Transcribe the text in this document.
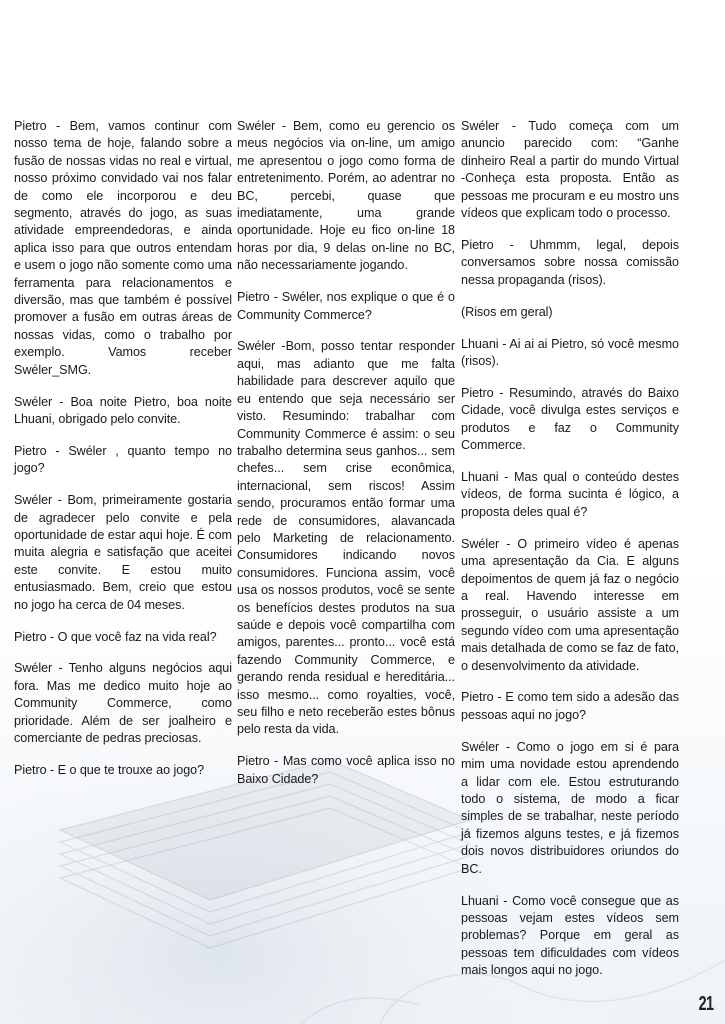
Pietro - Bem, vamos continur com nosso tema de hoje, falando sobre a fusão de nossas vidas no real e virtual, nosso próximo convidado vai nos falar de como ele incorporou e deu segmento, através do jogo, as suas atividade empreendedoras, e ainda aplica isso para que outros entendam e usem o jogo não somente como uma ferramenta para relacionamentos e diversão, mas que também é possível promover a fusão em outras áreas de nossas vidas, como o trabalho por exemplo. Vamos receber Swéler_SMG.

Swéler - Boa noite Pietro, boa noite Lhuani, obrigado pelo convite.

Pietro - Swéler , quanto tempo no jogo?

Swéler - Bom, primeiramente gostaria de agradecer pelo convite e pela oportunidade de estar aqui hoje. É com muita alegria e satisfação que aceitei este convite. E estou muito entusiasmado. Bem, creio que estou no jogo ha cerca de 04 meses.

Pietro - O que você faz na vida real?

Swéler - Tenho alguns negócios aqui fora. Mas me dedico muito hoje ao Community Commerce, como prioridade. Além de ser joalheiro e comerciante de pedras preciosas.

Pietro - E o que te trouxe ao jogo?

Swéler - Bem, como eu gerencio os meus negócios via on-line, um amigo me apresentou o jogo como forma de entretenimento. Porém, ao adentrar no BC, percebi, quase que imediatamente, uma grande oportunidade. Hoje eu fico on-line 18 horas por dia, 9 delas on-line no BC, não necessariamente jogando.

Pietro - Swéler, nos explique o que é o Community Commerce?

Swéler -Bom, posso tentar responder aqui, mas adianto que me falta habilidade para descrever aquilo que eu entendo que seja necessário ser visto. Resumindo: trabalhar com Community Commerce é assim: o seu trabalho determina seus ganhos... sem chefes... sem crise econômica, internacional, sem riscos! Assim sendo, procuramos então formar uma rede de consumidores, alavancada pelo Marketing de relacionamento. Consumidores indicando novos consumidores. Funciona assim, você usa os nossos produtos, você se sente os benefícios destes produtos na sua saúde e depois você compartilha com amigos, parentes... pronto... você está fazendo Community Commerce, e gerando renda residual e hereditária... isso mesmo... como royalties, você, seu filho e neto receberão estes bônus pelo resta da vida.

Pietro - Mas como você aplica isso no Baixo Cidade?

Swéler - Tudo começa com um anuncio parecido com: “Ganhe dinheiro Real a partir do mundo Virtual -Conheça esta proposta. Então as pessoas me procuram e eu mostro uns vídeos que explicam todo o processo.

Pietro - Uhmmm, legal, depois conversamos sobre nossa comissão nessa propaganda (risos).

(Risos em geral)

Lhuani - Ai ai ai Pietro, só você mesmo (risos).

Pietro - Resumindo, através do Baixo Cidade, você divulga estes serviços e produtos e faz o Community Commerce.

Lhuani - Mas qual o conteúdo destes vídeos, de forma sucinta é lógico, a proposta deles qual é?

Swéler - O primeiro vídeo é apenas uma apresentação da Cia. E alguns depoimentos de quem já faz o negócio a real. Havendo interesse em prosseguir, o usuário assiste a um segundo vídeo com uma apresentação mais detalhada de como se faz de fato, o desenvolvimento da atividade.

Pietro - E como tem sido a adesão das pessoas aqui no jogo?

Swéler - Como o jogo em si é para mim uma novidade estou aprendendo a lidar com ele. Estou estruturando todo o sistema, de modo a ficar simples de se trabalhar, neste período já fizemos alguns testes, e já fizemos dois novos distribuidores oriundos do BC.

Lhuani - Como você consegue que as pessoas vejam estes vídeos sem problemas? Porque em geral as pessoas tem dificuldades com vídeos mais longos aqui no jogo.

21
